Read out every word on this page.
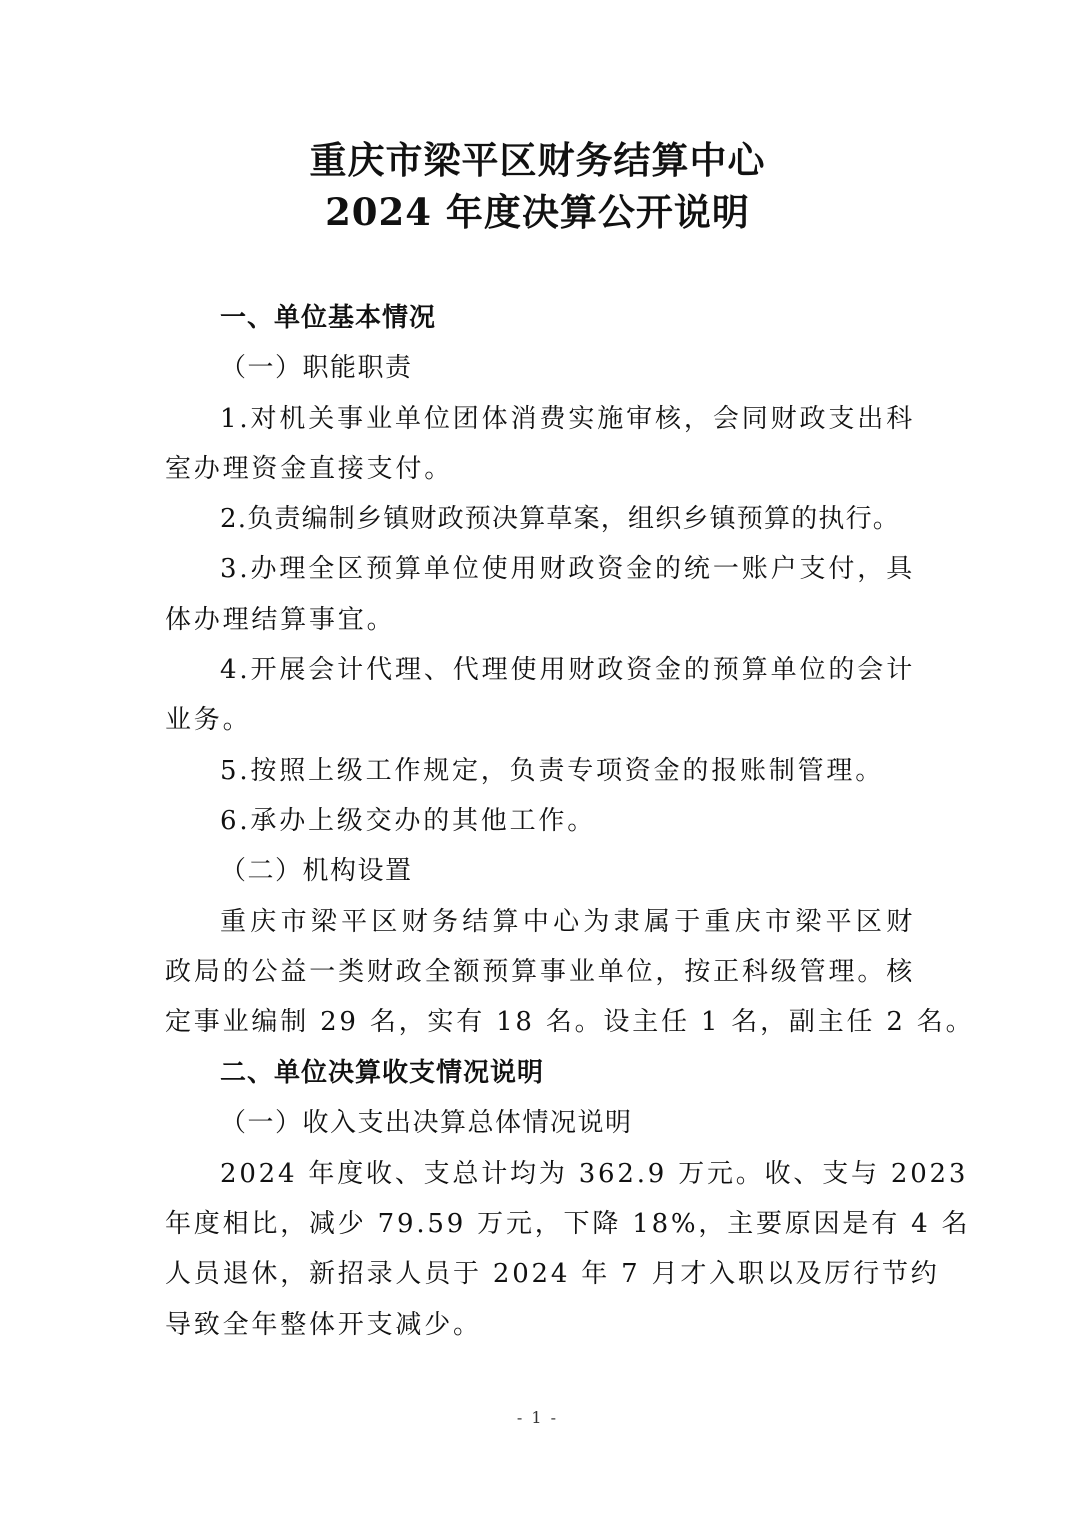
重庆市梁平区财务结算中心
2024 年度决算公开说明
一、单位基本情况
（一）职能职责
1.对机关事业单位团体消费实施审核，会同财政支出科
室办理资金直接支付。
2.负责编制乡镇财政预决算草案，组织乡镇预算的执行。
3.办理全区预算单位使用财政资金的统一账户支付，具
体办理结算事宜。
4.开展会计代理、代理使用财政资金的预算单位的会计
业务。
5.按照上级工作规定，负责专项资金的报账制管理。
6.承办上级交办的其他工作。
（二）机构设置
重庆市梁平区财务结算中心为隶属于重庆市梁平区财
政局的公益一类财政全额预算事业单位，按正科级管理。核
定事业编制 29 名，实有 18 名。设主任 1 名，副主任 2 名。
二、单位决算收支情况说明
（一）收入支出决算总体情况说明
2024 年度收、支总计均为 362.9 万元。收、支与 2023
年度相比，减少 79.59 万元，下降 18%，主要原因是有 4 名
人员退休，新招录人员于 2024 年 7 月才入职以及厉行节约
导致全年整体开支减少。
- 1 -
